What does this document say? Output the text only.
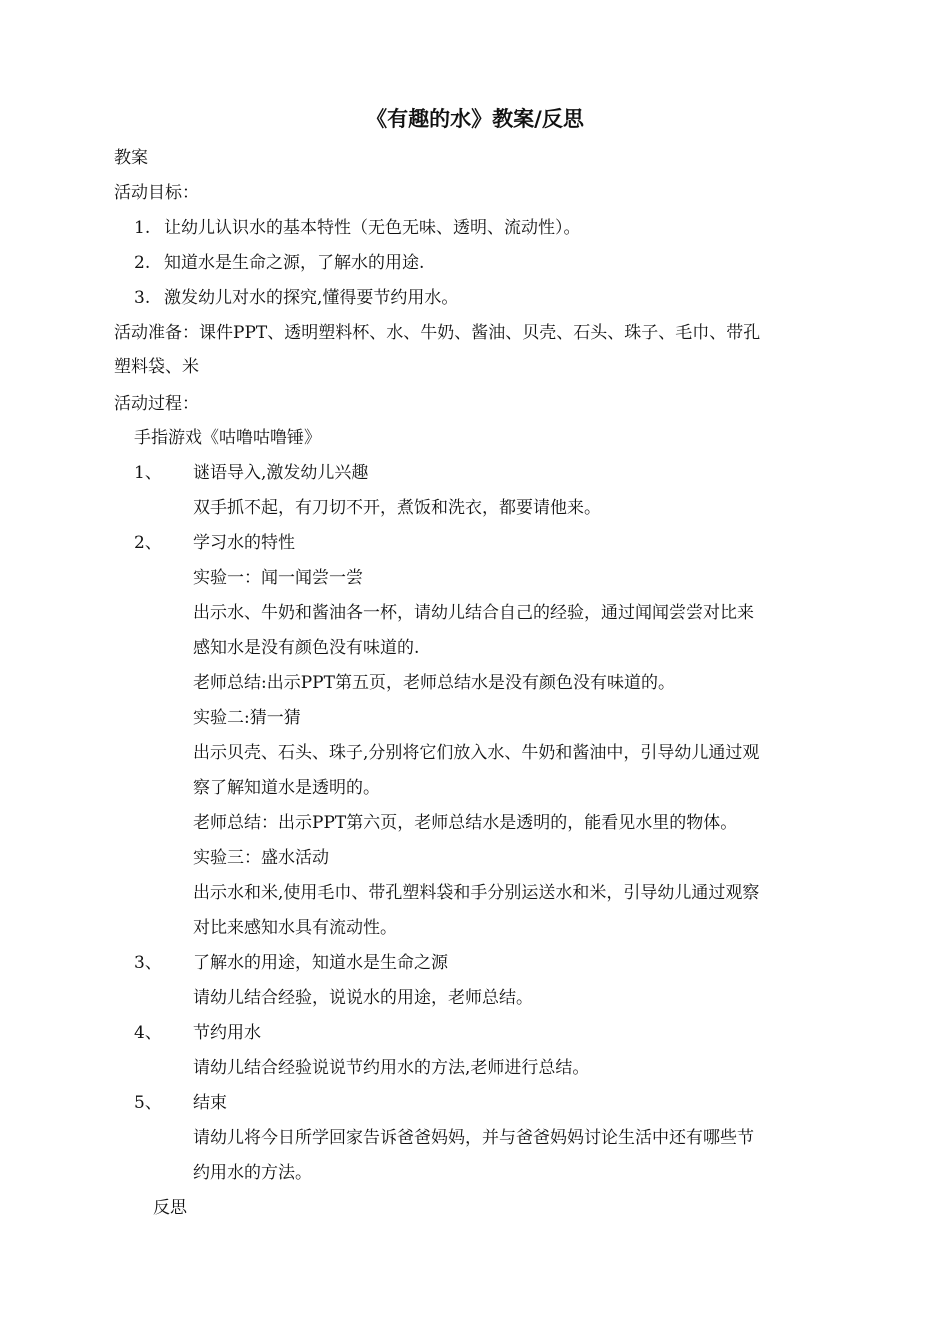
《有趣的水》教案/反思
教案
活动目标：
1. 让幼儿认识水的基本特性（无色无味、透明、流动性）。
2. 知道水是生命之源，了解水的用途.
3. 激发幼儿对水的探究,懂得要节约用水。
活动准备：课件PPT、透明塑料杯、水、牛奶、酱油、贝壳、石头、珠子、毛巾、带孔
塑料袋、米
活动过程：
手指游戏《咕噜咕噜锤》
1、 谜语导入,激发幼儿兴趣
双手抓不起，有刀切不开，煮饭和洗衣，都要请他来。
2、 学习水的特性
实验一：闻一闻尝一尝
出示水、牛奶和酱油各一杯，请幼儿结合自己的经验，通过闻闻尝尝对比来
感知水是没有颜色没有味道的.
老师总结:出示PPT第五页，老师总结水是没有颜色没有味道的。
实验二:猜一猜
出示贝壳、石头、珠子,分别将它们放入水、牛奶和酱油中，引导幼儿通过观
察了解知道水是透明的。
老师总结：出示PPT第六页，老师总结水是透明的，能看见水里的物体。
实验三：盛水活动
出示水和米,使用毛巾、带孔塑料袋和手分别运送水和米，引导幼儿通过观察
对比来感知水具有流动性。
3、 了解水的用途，知道水是生命之源
请幼儿结合经验，说说水的用途，老师总结。
4、 节约用水
请幼儿结合经验说说节约用水的方法,老师进行总结。
5、 结束
请幼儿将今日所学回家告诉爸爸妈妈，并与爸爸妈妈讨论生活中还有哪些节
约用水的方法。
反思
